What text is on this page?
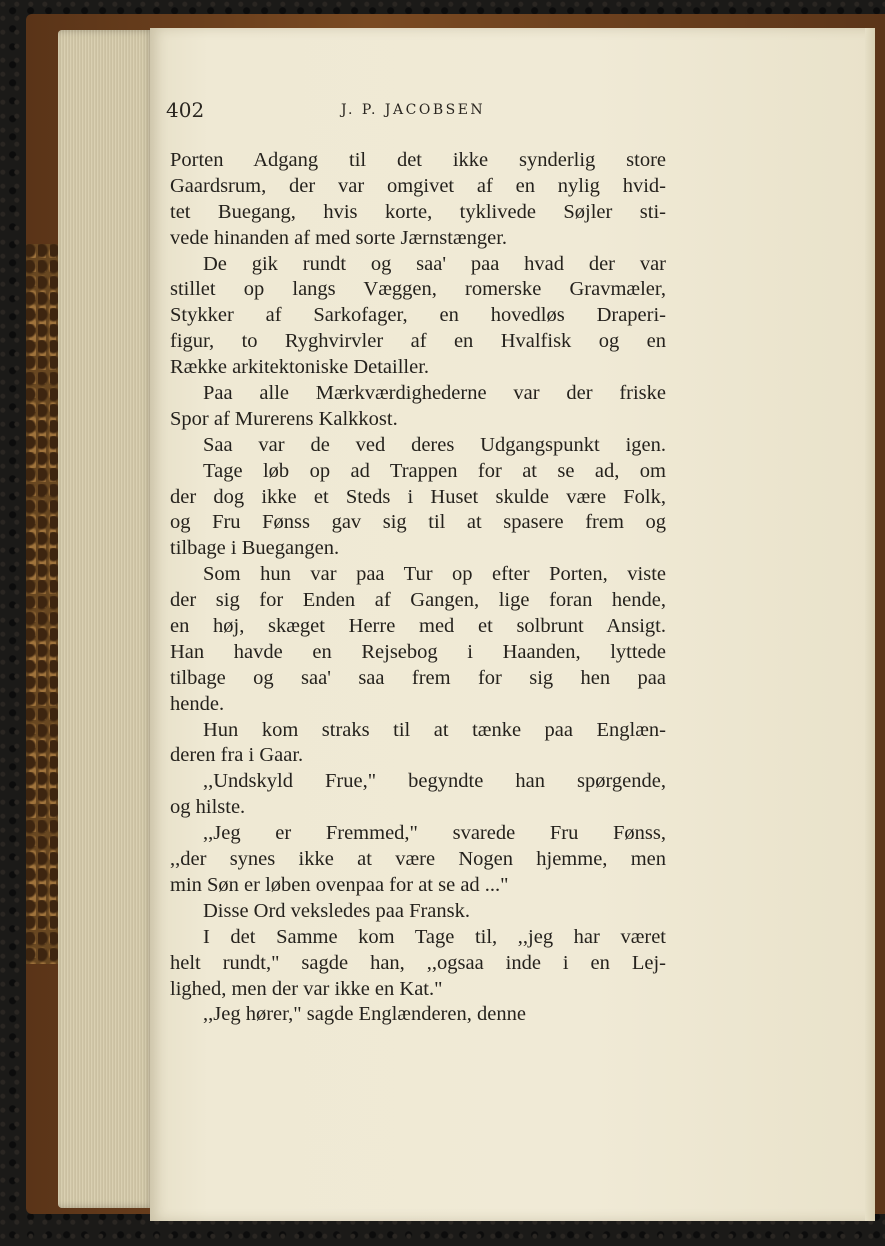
402	J. P. JACOBSEN
Porten Adgang til det ikke synderlig store
Gaardsrum, der var omgivet af en nylig hvid-
tet Buegang, hvis korte, tyklivede Søjler sti-
vede hinanden af med sorte Jærnstænger.
De gik rundt og saa' paa hvad der var
stillet op langs Væggen, romerske Gravmæler,
Stykker af Sarkofager, en hovedløs Draperi-
figur, to Ryghvirvler af en Hvalfisk og en
Række arkitektoniske Detailler.
Paa alle Mærkværdighederne var der friske
Spor af Murerens Kalkkost.
Saa var de ved deres Udgangspunkt igen.
Tage løb op ad Trappen for at se ad, om
der dog ikke et Steds i Huset skulde være Folk,
og Fru Fønss gav sig til at spasere frem og
tilbage i Buegangen.
Som hun var paa Tur op efter Porten, viste
der sig for Enden af Gangen, lige foran hende,
en høj, skæget Herre med et solbrunt Ansigt.
Han havde en Rejsebog i Haanden, lyttede
tilbage og saa' saa frem for sig hen paa
hende.
Hun kom straks til at tænke paa Englæn-
deren fra i Gaar.
,,Undskyld Frue," begyndte han spørgende,
og hilste.
,,Jeg er Fremmed," svarede Fru Fønss,
,,der synes ikke at være Nogen hjemme, men
min Søn er løben ovenpaa for at se ad ..."
Disse Ord veksledes paa Fransk.
I det Samme kom Tage til, ,,jeg har været
helt rundt," sagde han, ,,ogsaa inde i en Lej-
lighed, men der var ikke en Kat."
,,Jeg hører," sagde Englænderen, denne
